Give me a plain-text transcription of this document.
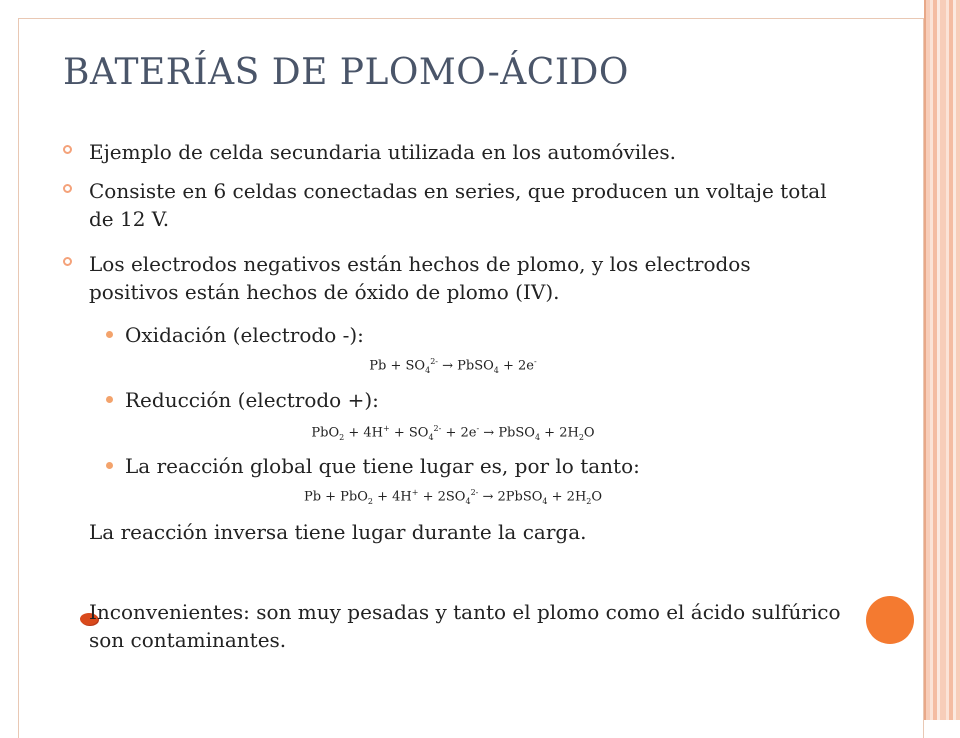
BATERÍAS DE PLOMO-ÁCIDO
Ejemplo de celda secundaria utilizada en los automóviles.
Consiste en 6 celdas conectadas en series, que producen un voltaje total de 12 V.
Los electrodos negativos están hechos de plomo, y los electrodos positivos están hechos de óxido de plomo (IV).
Oxidación (electrodo -):
$Pb + SO_4^{2-}$ → PbSO$_4$ + 2e-
Reducción (electrodo +):
$PbO_2 + 4H^+ + SO_4^{2-} + 2e^-$ → PbSO$_4$ + $2H_2O$
La reacción global que tiene lugar es, por lo tanto:
$Pb + PbO_2 + 4H^+ + 2SO_4^{2-}$ → 2PbSO$_4$ + $2H_2O$
La reacción inversa tiene lugar durante la carga.
Inconvenientes: son muy pesadas y tanto el plomo como el ácido sulfúrico son contaminantes.
